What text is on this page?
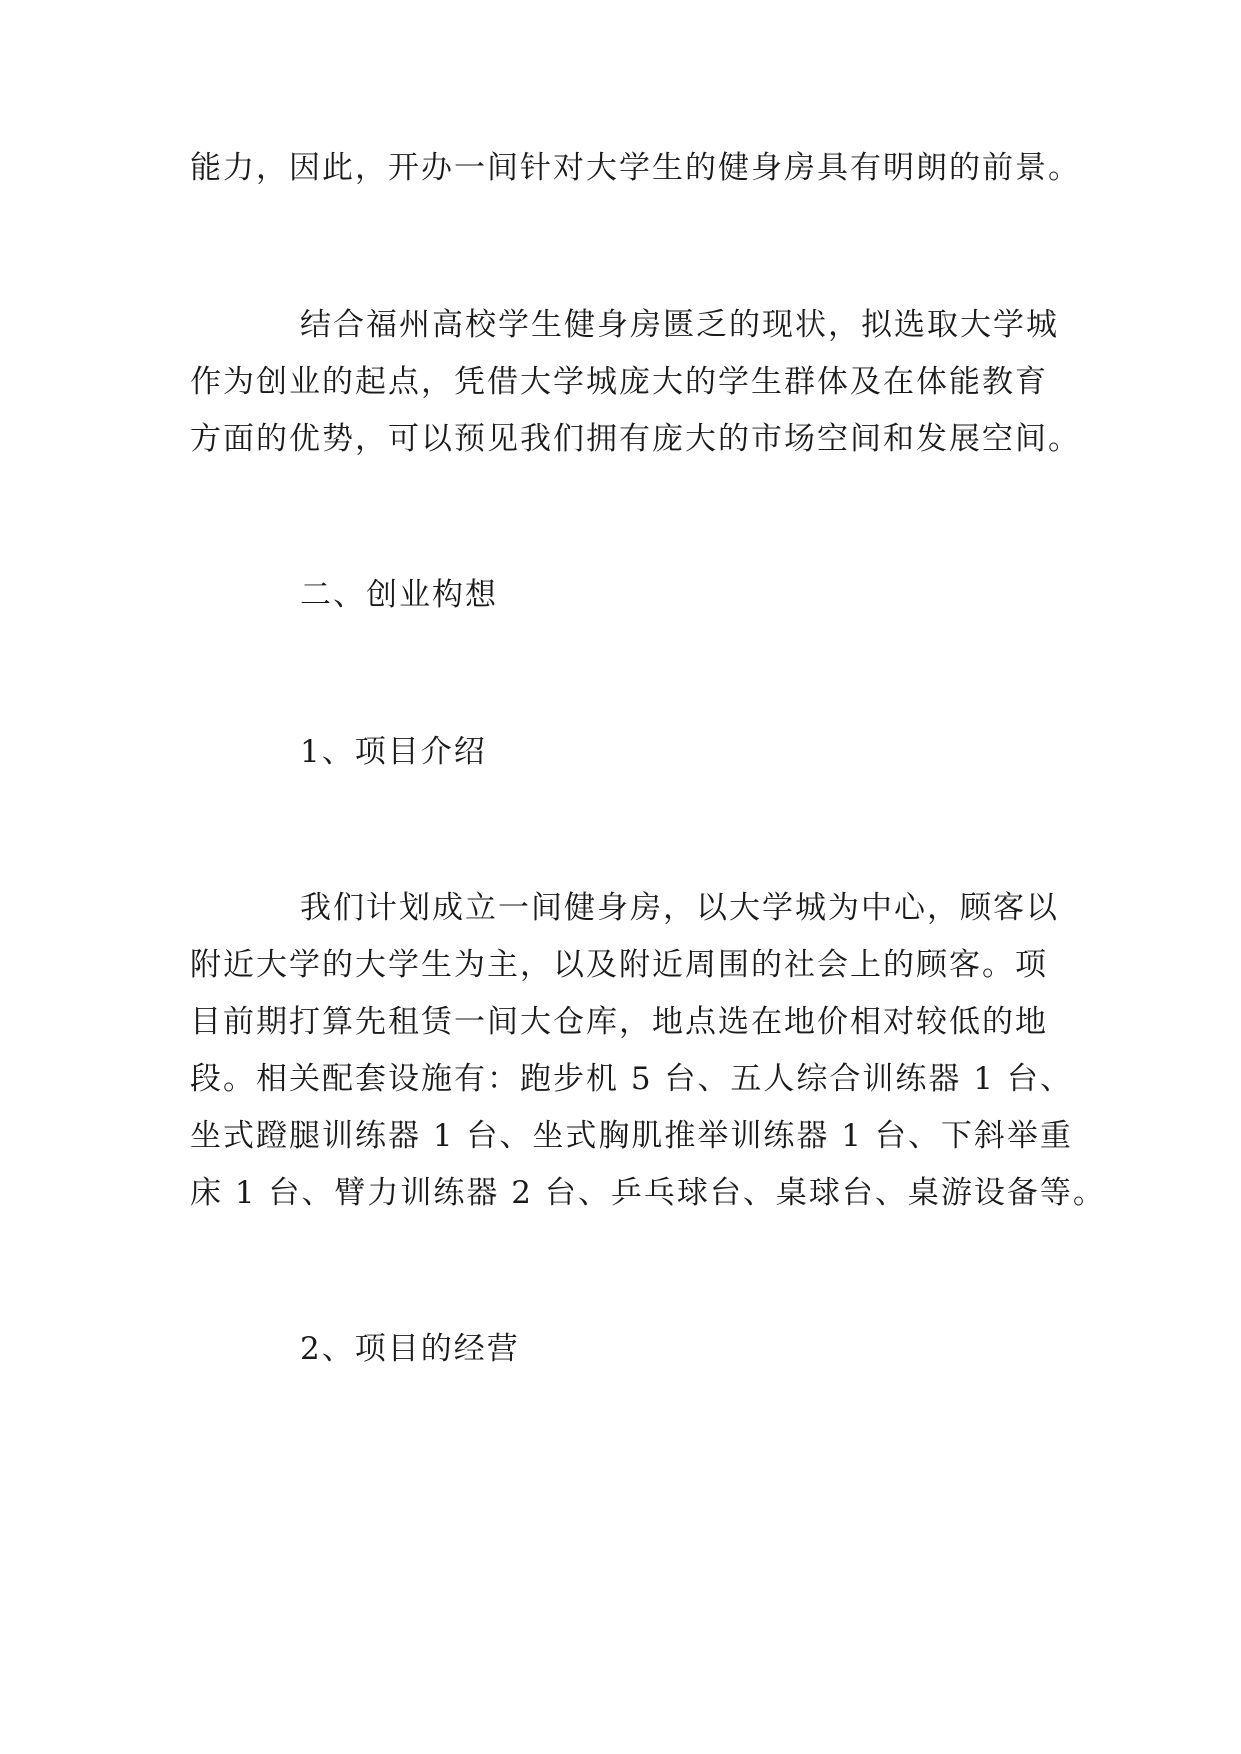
能力，因此，开办一间针对大学生的健身房具有明朗的前景。
结合福州高校学生健身房匮乏的现状，拟选取大学城
作为创业的起点，凭借大学城庞大的学生群体及在体能教育
方面的优势，可以预见我们拥有庞大的市场空间和发展空间。
二、创业构想
1、项目介绍
我们计划成立一间健身房，以大学城为中心，顾客以
附近大学的大学生为主，以及附近周围的社会上的顾客。项
目前期打算先租赁一间大仓库，地点选在地价相对较低的地
段。相关配套设施有：跑步机 5 台、五人综合训练器 1 台、
坐式蹬腿训练器 1 台、坐式胸肌推举训练器 1 台、下斜举重
床 1 台、臂力训练器 2 台、乒乓球台、桌球台、桌游设备等。
2、项目的经营
